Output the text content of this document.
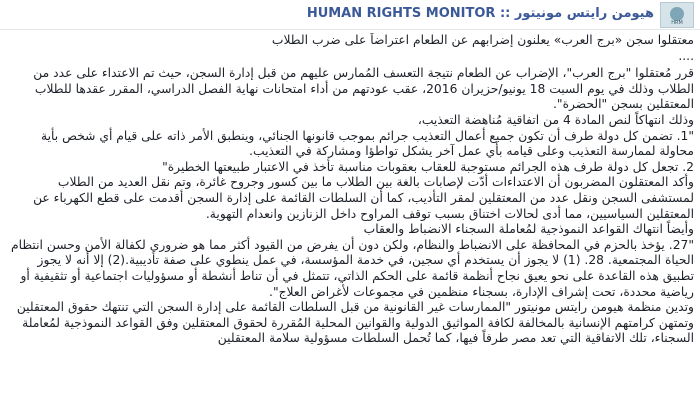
HUMAN RIGHTS MONITOR :: هيومن رايتس مونيتور
HRM

معتقلوا سجن «برج العرب» يعلنون إضرابهم عن الطعام اعتراضاً على ضرب الطلاب

....

قرر مُعتقلوا "برج العرب"، الإضراب عن الطعام نتيجة التعسف المُمارس عليهم من قبل إدارة السجن، حيث تم الاعتداء على عدد من الطلاب وذلك في يوم السبت 18 يونيو/حزيران 2016، عقب عودتهم من أداء امتحانات نهاية الفصل الدراسي، المقرر عقدها للطلاب المعتقلين بسجن "الحضرة".

وذلك انتهاكاً لنص المادة 4 من اتفاقية مُناهضة التعذيب،

"1. تضمن كل دولة طرف أن تكون جميع أعمال التعذيب جرائم بموجب قانونها الجنائي، وينطبق الأمر ذاته على قيام أي شخص بأية محاولة لممارسة التعذيب وعلى قيامه بأي عمل آخر يشكل تواطؤا ومشاركة في التعذيب.

2. تجعل كل دولة طرف هذه الجرائم مستوجبة للعقاب بعقوبات مناسبة تأخذ في الاعتبار طبيعتها الخطيرة"

وأكد المعتقلون المضربون أن الاعتداءات أدّت لإصابات بالغة بين الطلاب ما بين كسور وجروح غائرة، وتم نقل العديد من الطلاب لمستشفى السجن ونقل عدد من المعتقلين لمقر التأديب، كما أن السلطات القائمة على إدارة السجن أقدمت على قطع الكهرباء عن المعتقلين السياسيين، مما أدى لحالات اختناق بسبب توقف المراوح داخل الزنازين وانعدام التهوية.

وأيضاً انتهاك القواعد النموذجية لمُعاملة السجناء الانضباط والعقاب

"27. يؤخذ بالحزم في المحافظة على الانضباط والنظام، ولكن دون أن يفرض من القيود أكثر مما هو ضروري لكفالة الأمن وحسن انتظام الحياة المجتمعية. 28. (1) لا يجوز أن يستخدم أي سجين، في خدمة المؤسسة، في عمل ينطوي على صفة تأديبية.(2) إلا أنه لا يجوز تطبيق هذه القاعدة على نحو يعيق نجاح أنظمة قائمة على الحكم الذاتي، تتمثل في أن تناط أنشطة أو مسؤوليات اجتماعية أو تثقيفية أو رياضية محددة، تحت إشراف الإدارة، بسجناء منظمين في مجموعات لأغراض العلاج".

وتدين منظمة هيومن رايتس مونيتور "الممارسات غير القانونية من قبل السلطات القائمة على إدارة السجن التي تنتهك حقوق المعتقلين وتمتهن كرامتهم الإنسانية بالمخالفة لكافة المواثيق الدولية والقوانين المحلية المُقررة لحقوق المعتقلين وفق القواعد النموذجية لمُعاملة السجناء، تلك الاتفاقية التي تعد مصر طرفاً فيها، كما تُحمل السلطات مسؤولية سلامة المعتقلين
